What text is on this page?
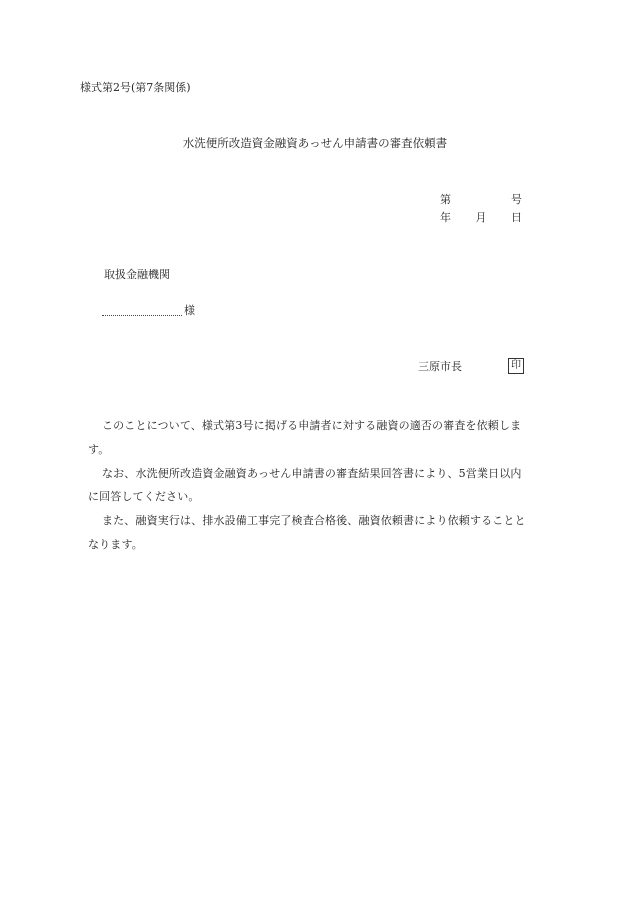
様式第2号(第7条関係)
水洗便所改造資金融資あっせん申請書の審査依頼書
第	号
年 月 日
取扱金融機関
様
三原市長	印

このことについて、様式第3号に掲げる申請者に対する融資の適否の審査を依頼しま
す。

なお、水洗便所改造資金融資あっせん申請書の審査結果回答書により、5営業日以内
に回答してください。

また、融資実行は、排水設備工事完了検査合格後、融資依頼書により依頼することと
なります。
